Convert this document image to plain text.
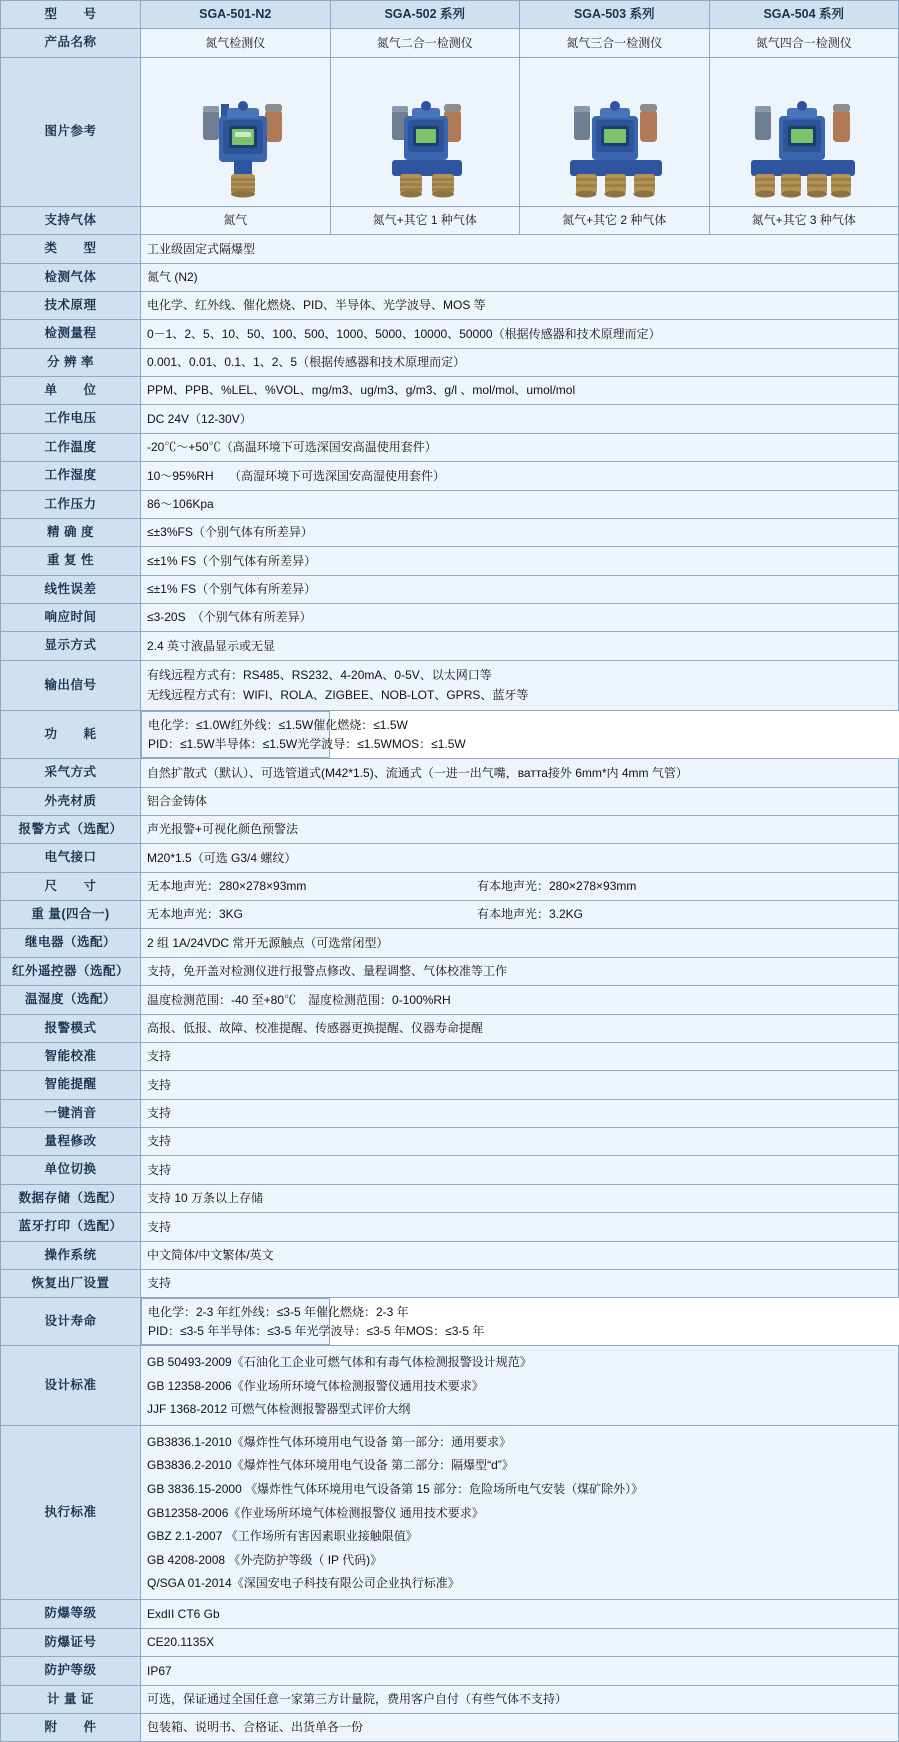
型　　号	SGA-501-N2	SGA-502 系列	SGA-503 系列	SGA-504 系列
产品名称	氮气检测仪	氮气二合一检测仪	氮气三合一检测仪	氮气四合一检测仪
图片参考	

支持气体	氮气	氮气+其它 1 种气体	氮气+其它 2 种气体	氮气+其它 3 种气体
类　　型	工业级固定式隔爆型			
检测气体	氮气 (N2)			
技术原理	电化学、红外线、催化燃烧、PID、半导体、光学波导、MOS 等			
检测量程	0－1、2、5、10、50、100、500、1000、5000、10000、50000（根据传感器和技术原理而定）			
分 辨 率	0.001、0.01、0.1、1、2、5（根据传感器和技术原理而定）			
单　　位	PPM、PPB、%LEL、%VOL、mg/m3、ug/m3、g/m3、g/l 、mol/mol、umol/mol			
工作电压	DC 24V（12-30V）			
工作温度	-20℃～+50℃（高温环境下可选深国安高温使用套件）			
工作湿度	10～95%RH　 （高湿环境下可选深国安高湿使用套件）			
工作压力	86～106Kpa			
精 确 度	≤±3%FS（个别气体有所差异）			
重 复 性	≤±1% FS（个别气体有所差异）			
线性误差	≤±1% FS（个别气体有所差异）			
响应时间	≤3-20S　（个别气体有所差异）			
显示方式	2.4 英寸液晶显示或无显			
输出信号	有线远程方式有：RS485、RS232、4-20mA、0-5V、以太网口等
无线远程方式有：WIFI、ROLA、ZIGBEE、NOB-LOT、GPRS、蓝牙等			

功　　耗	
电化学：≤1.0W 红外线：≤1.5W 催化燃烧：≤1.5W
PID：≤1.5W 半导体：≤1.5W 光学波导：≤1.5W MOS：≤1.5W

采气方式	自然扩散式（默认）、可选管道式(M42*1.5)、流通式（一进一出气嘴，ватта接外 6mm*内 4mm 气管）			
外壳材质	铝合金铸体			
报警方式（选配）	声光报警+可视化颜色预警法			
电气接口	M20*1.5（可选 G3/4 螺纹）			
尺　　寸	无本地声光：280×278×93mm 有本地声光：280×278×93mm			

重 量(四合一)	无本地声光：3KG 有本地声光：3.2KG			

继电器（选配）	2 组 1A/24VDC 常开无源触点（可选常闭型）			
红外遥控器（选配）	支持，免开盖对检测仪进行报警点修改、量程调整、气体校准等工作			
温湿度（选配）	温度检测范围：-40 至+80℃　湿度检测范围：0-100%RH			
报警模式	高报、低报、故障、校准提醒、传感器更换提醒、仪器寿命提醒			
智能校准	支持			
智能提醒	支持			
一键消音	支持			
量程修改	支持			
单位切换	支持			
数据存储（选配）	支持 10 万条以上存储			
蓝牙打印（选配）	支持			
操作系统	中文简体/中文繁体/英文			
恢复出厂设置	支持			
设计寿命	
电化学：2-3 年 红外线：≤3-5 年 催化燃烧：2-3 年
PID：≤3-5 年 半导体：≤3-5 年 光学波导：≤3-5 年 MOS：≤3-5 年

设计标准	GB 50493-2009《石油化工企业可燃气体和有毒气体检测报警设计规范》
GB 12358-2006《作业场所环境气体检测报警仪通用技术要求》
JJF 1368-2012 可燃气体检测报警器型式评价大纲			

执行标准	
GB3836.1-2010《爆炸性气体环境用电气设备 第一部分：通用要求》
GB3836.2-2010《爆炸性气体环境用电气设备 第二部分：隔爆型“d”》
GB 3836.15-2000 《爆炸性气体环境用电气设备第 15 部分：危险场所电气安装（煤矿除外）》
GB12358-2006《作业场所环境气体检测报警仪 通用技术要求》
GBZ 2.1-2007 《工作场所有害因素职业接触限值》
GB 4208-2008 《外壳防护等级（ IP 代码)》
Q/SGA 01-2014《深国安电子科技有限公司企业执行标准》

防爆等级	ExdII CT6 Gb			
防爆证号	CE20.1135X			
防护等级	IP67			
计 量 证	可选，保证通过全国任意一家第三方计量院，费用客户自付（有些气体不支持）			
附　　件	包装箱、说明书、合格证、出货单各一份			
